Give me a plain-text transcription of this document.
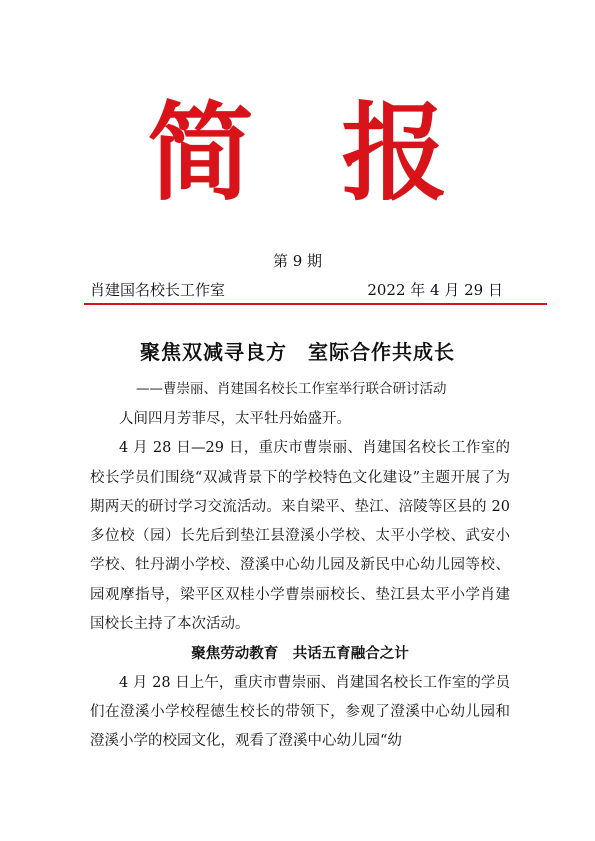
简 报
第 9 期
肖建国名校长工作室	2022 年 4 月 29 日
聚焦双减寻良方　室际合作共成长
——曹崇丽、肖建国名校长工作室举行联合研讨活动

人间四月芳菲尽，太平牡丹始盛开。

4 月 28 日—29 日，重庆市曹崇丽、肖建国名校长工作室的校长学员们围绕“双减背景下的学校特色文化建设”主题开展了为期两天的研讨学习交流活动。来自梁平、垫江、涪陵等区县的 20 多位校（园）长先后到垫江县澄溪小学校、太平小学校、武安小学校、牡丹湖小学校、澄溪中心幼儿园及新民中心幼儿园等校、园观摩指导，梁平区双桂小学曹崇丽校长、垫江县太平小学肖建国校长主持了本次活动。

聚焦劳动教育　共话五育融合之计

4 月 28 日上午，重庆市曹崇丽、肖建国名校长工作室的学员们在澄溪小学校程德生校长的带领下，参观了澄溪中心幼儿园和澄溪小学的校园文化，观看了澄溪中心幼儿园“幼
